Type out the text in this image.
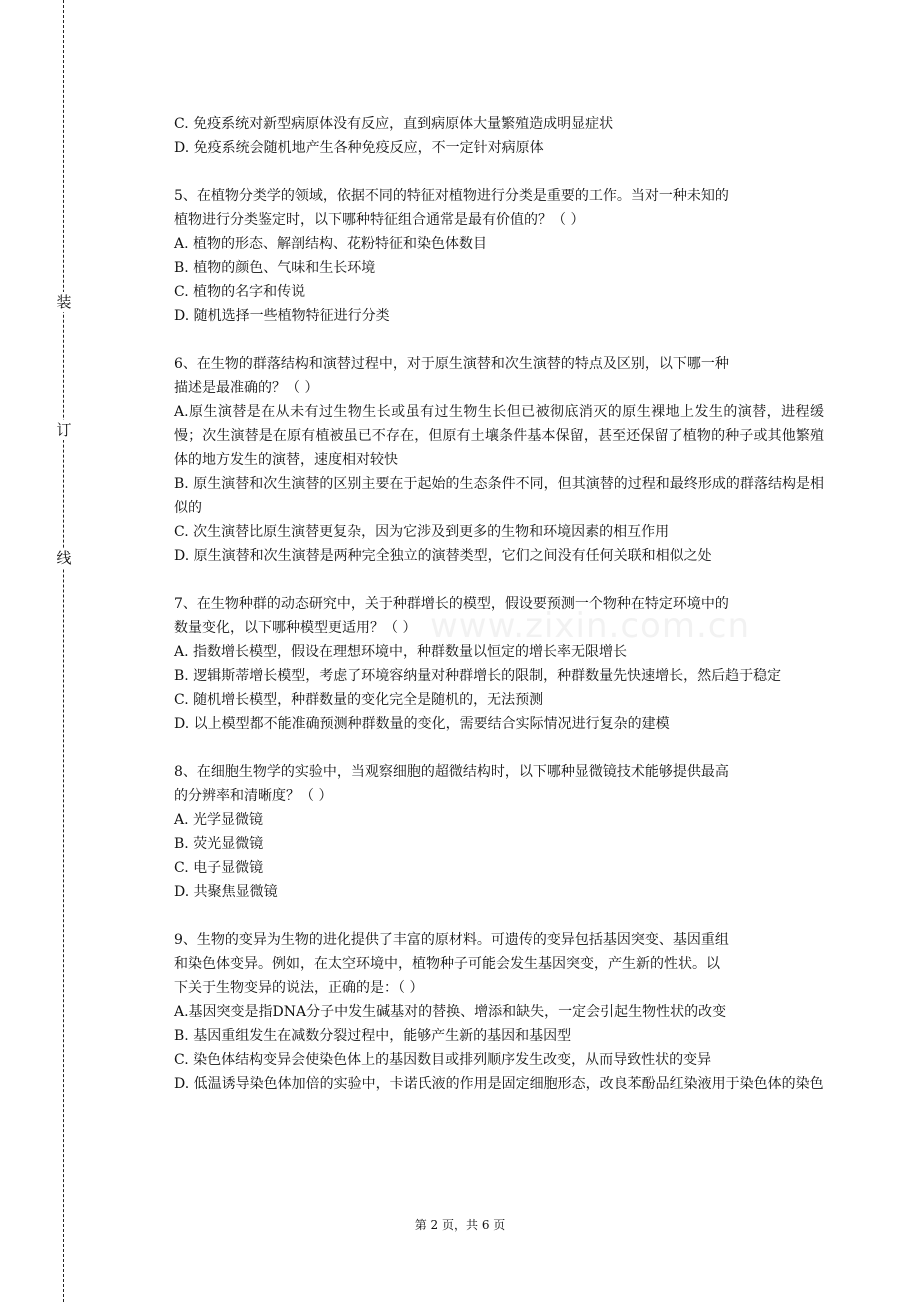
装
订
线
www.zixin.com.cn
C. 免疫系统对新型病原体没有反应，直到病原体大量繁殖造成明显症状
D. 免疫系统会随机地产生各种免疫反应，不一定针对病原体
5、在植物分类学的领域，依据不同的特征对植物进行分类是重要的工作。当对一种未知的
植物进行分类鉴定时，以下哪种特征组合通常是最有价值的？（ ）
A. 植物的形态、解剖结构、花粉特征和染色体数目
B. 植物的颜色、气味和生长环境
C. 植物的名字和传说
D. 随机选择一些植物特征进行分类
6、在生物的群落结构和演替过程中，对于原生演替和次生演替的特点及区别，以下哪一种
描述是最准确的？（ ）
A.原生演替是在从未有过生物生长或虽有过生物生长但已被彻底消灭的原生裸地上发生的演替，进程缓慢；次生演替是在原有植被虽已不存在，但原有土壤条件基本保留，甚至还保留了植物的种子或其他繁殖体的地方发生的演替，速度相对较快
B. 原生演替和次生演替的区别主要在于起始的生态条件不同，但其演替的过程和最终形成的群落结构是相似的
C. 次生演替比原生演替更复杂，因为它涉及到更多的生物和环境因素的相互作用
D. 原生演替和次生演替是两种完全独立的演替类型，它们之间没有任何关联和相似之处
7、在生物种群的动态研究中，关于种群增长的模型，假设要预测一个物种在特定环境中的
数量变化，以下哪种模型更适用？（ ）
A. 指数增长模型，假设在理想环境中，种群数量以恒定的增长率无限增长
B. 逻辑斯蒂增长模型，考虑了环境容纳量对种群增长的限制，种群数量先快速增长，然后趋于稳定
C. 随机增长模型，种群数量的变化完全是随机的，无法预测
D. 以上模型都不能准确预测种群数量的变化，需要结合实际情况进行复杂的建模
8、在细胞生物学的实验中，当观察细胞的超微结构时，以下哪种显微镜技术能够提供最高
的分辨率和清晰度？（ ）
A. 光学显微镜
B. 荧光显微镜
C. 电子显微镜
D. 共聚焦显微镜
9、生物的变异为生物的进化提供了丰富的原材料。可遗传的变异包括基因突变、基因重组
和染色体变异。例如，在太空环境中，植物种子可能会发生基因突变，产生新的性状。以
下关于生物变异的说法，正确的是：（ ）
A.基因突变是指DNA分子中发生碱基对的替换、增添和缺失，一定会引起生物性状的改变
B. 基因重组发生在减数分裂过程中，能够产生新的基因和基因型
C. 染色体结构变异会使染色体上的基因数目或排列顺序发生改变，从而导致性状的变异
D. 低温诱导染色体加倍的实验中，卡诺氏液的作用是固定细胞形态，改良苯酚品红染液用于染色体的染色
第 2 页，共 6 页
